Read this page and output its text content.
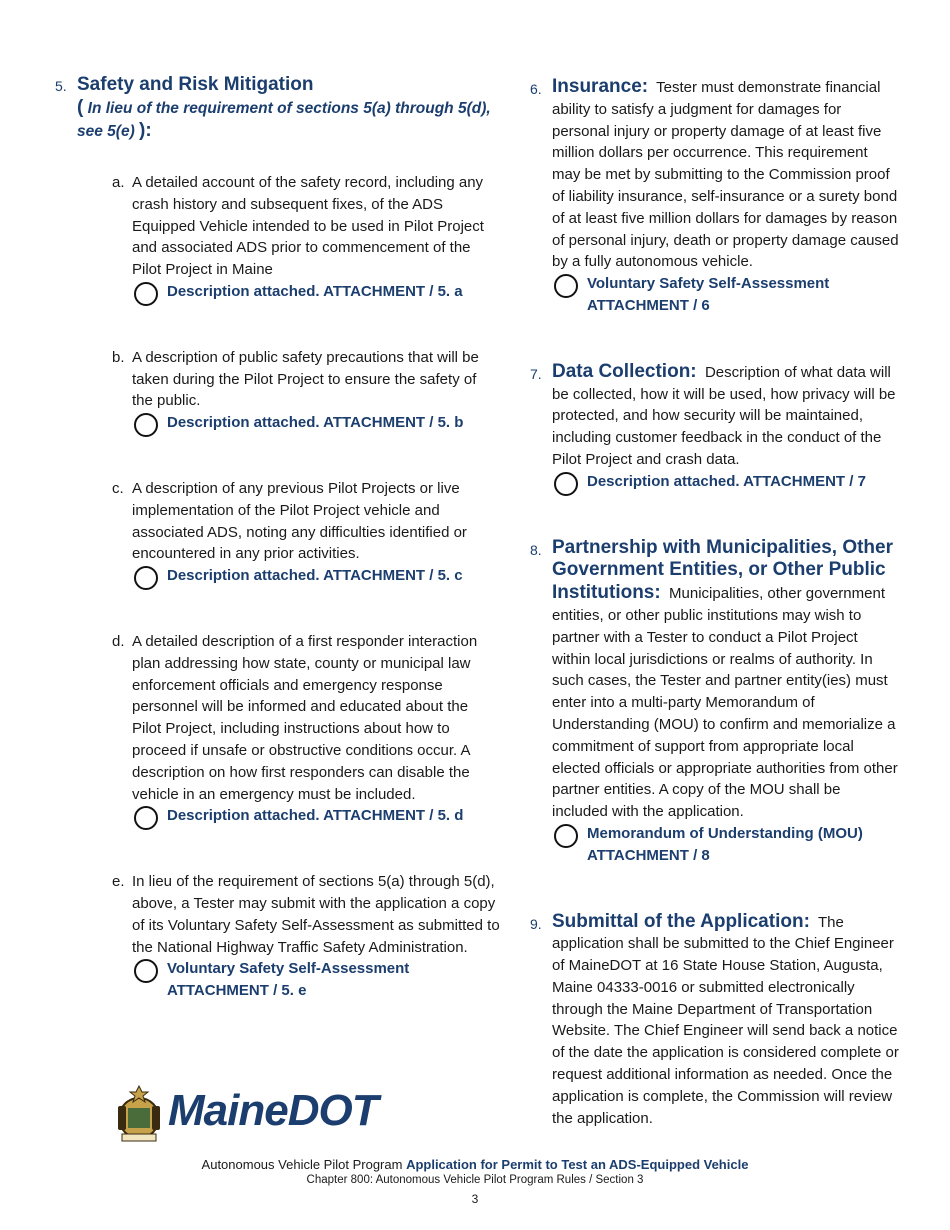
5. Safety and Risk Mitigation
( In lieu of the requirement of sections 5(a) through 5(d), see 5(e) ):
a. A detailed account of the safety record, including any crash history and subsequent fixes, of the ADS Equipped Vehicle intended to be used in Pilot Project and associated ADS prior to commencement of the Pilot Project in Maine
Description attached. ATTACHMENT / 5. a
b. A description of public safety precautions that will be taken during the Pilot Project to ensure the safety of the public.
Description attached. ATTACHMENT / 5. b
c. A description of any previous Pilot Projects or live implementation of the Pilot Project vehicle and associated ADS, noting any difficulties identified or encountered in any prior activities.
Description attached. ATTACHMENT / 5. c
d. A detailed description of a first responder interaction plan addressing how state, county or municipal law enforcement officials and emergency response personnel will be informed and educated about the Pilot Project, including instructions about how to proceed if unsafe or obstructive conditions occur. A description on how first responders can disable the vehicle in an emergency must be included.
Description attached. ATTACHMENT / 5. d
e. In lieu of the requirement of sections 5(a) through 5(d), above, a Tester may submit with the application a copy of its Voluntary Safety Self-Assessment as submitted to the National Highway Traffic Safety Administration.
Voluntary Safety Self-Assessment
ATTACHMENT / 5. e
6. Insurance: Tester must demonstrate financial ability to satisfy a judgment for damages for personal injury or property damage of at least five million dollars per occurrence. This requirement may be met by submitting to the Commission proof of liability insurance, self-insurance or a surety bond of at least five million dollars for damages by reason of personal injury, death or property damage caused by a fully autonomous vehicle.
Voluntary Safety Self-Assessment
ATTACHMENT / 6
7. Data Collection: Description of what data will be collected, how it will be used, how privacy will be protected, and how security will be maintained, including customer feedback in the conduct of the Pilot Project and crash data.
Description attached. ATTACHMENT / 7
8. Partnership with Municipalities, Other Government Entities, or Other Public Institutions: Municipalities, other government entities, or other public institutions may wish to partner with a Tester to conduct a Pilot Project within local jurisdictions or realms of authority. In such cases, the Tester and partner entity(ies) must enter into a multi-party Memorandum of Understanding (MOU) to confirm and memorialize a commitment of support from appropriate local elected officials or appropriate authorities from other partner entities. A copy of the MOU shall be included with the application.
Memorandum of Understanding (MOU)
ATTACHMENT / 8
9. Submittal of the Application: The application shall be submitted to the Chief Engineer of MaineDOT at 16 State House Station, Augusta, Maine 04333-0016 or submitted electronically through the Maine Department of Transportation Website. The Chief Engineer will send back a notice of the date the application is considered complete or request additional information as needed. Once the application is complete, the Commission will review the application.
MaineDOT
Autonomous Vehicle Pilot Program Application for Permit to Test an ADS-Equipped Vehicle
Chapter 800: Autonomous Vehicle Pilot Program Rules / Section 3
3
